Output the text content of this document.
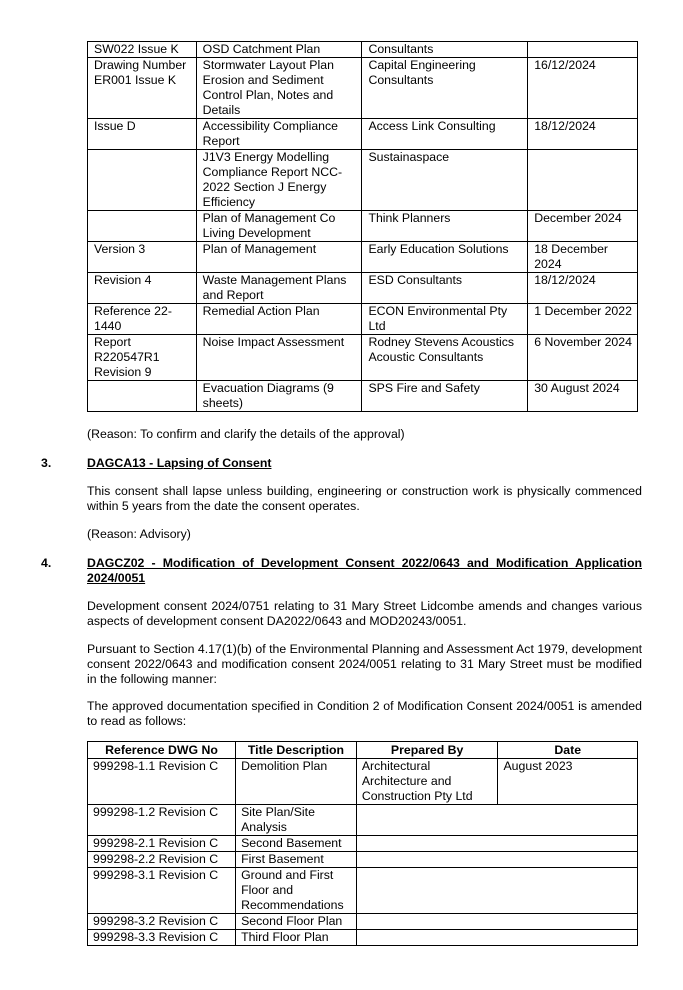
SW022 Issue K	OSD Catchment Plan	Consultants	
Drawing Number
ER001 Issue K	Stormwater Layout Plan
Erosion and Sediment
Control Plan, Notes and
Details	Capital Engineering
Consultants	16/12/2024
Issue D	Accessibility Compliance
Report	Access Link Consulting	18/12/2024
	J1V3 Energy Modelling
Compliance Report NCC-
2022 Section J Energy
Efficiency	Sustainaspace	
	Plan of Management Co
Living Development	Think Planners	December 2024
Version 3	Plan of Management	Early Education Solutions	18 December
2024
Revision 4	Waste Management Plans
and Report	ESD Consultants	18/12/2024
Reference 22-
1440	Remedial Action Plan	ECON Environmental Pty
Ltd	1 December 2022
Report
R220547R1
Revision 9	Noise Impact Assessment	Rodney Stevens Acoustics
Acoustic Consultants	6 November 2024
	Evacuation Diagrams (9
sheets)	SPS Fire and Safety	30 August 2024

(Reason: To confirm and clarify the details of the approval)

3.	DAGCA13 - Lapsing of Consent

This consent shall lapse unless building, engineering or construction work is physically commenced within 5 years from the date the consent operates.

(Reason: Advisory)

4.	DAGCZ02 - Modification of Development Consent 2022/0643 and Modification Application 2024/0051

Development consent 2024/0751 relating to 31 Mary Street Lidcombe amends and changes various aspects of development consent DA2022/0643 and MOD20243/0051.

Pursuant to Section 4.17(1)(b) of the Environmental Planning and Assessment Act 1979, development consent 2022/0643 and modification consent 2024/0051 relating to 31 Mary Street must be modified in the following manner:

The approved documentation specified in Condition 2 of Modification Consent 2024/0051 is amended to read as follows:

Reference DWG No	Title Description	Prepared By	Date
999298-1.1 Revision C	Demolition Plan	Architectural
Architecture and
Construction Pty Ltd	August 2023
999298-1.2 Revision C	Site Plan/Site
Analysis		
999298-2.1 Revision C	Second Basement		
999298-2.2 Revision C	First Basement		
999298-3.1 Revision C	Ground and First
Floor and
Recommendations		
999298-3.2 Revision C	Second Floor Plan		
999298-3.3 Revision C	Third Floor Plan		
